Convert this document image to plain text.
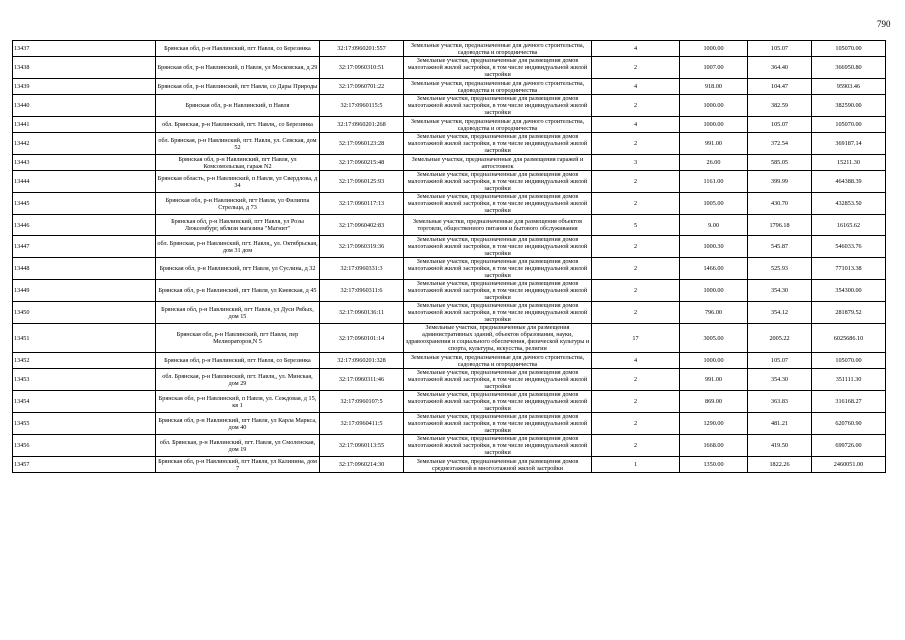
790
13437	Брянская обл, р-н Навлинский, пгт Навля, со Березинка	32:17:0960201:557	Земельные участки, предназначенные для дачного строительства, садоводства и огородничества	4	1000.00	105.07	105070.00
13438	Брянская обл, р-н Навлинский, п Навля, ул Московская, д 29	32:17:0960310:51	Земельные участки, предназначенные для размещения домов малоэтажной жилой застройки, в том числе индивидуальной жилой застройки	2	1007.00	364.40	366950.80
13439	Брянская обл, р-н Навлинский, пгт Навля, со Дары Природы	32:17:0960701:22	Земельные участки, предназначенные для дачного строительства, садоводства и огородничества	4	918.00	104.47	95903.46
13440	Брянская обл, р-н Навлинский, п Навля	32:17:0960115:5	Земельные участки, предназначенные для размещения домов малоэтажной жилой застройки, в том числе индивидуальной жилой застройки	2	1000.00	382.59	382590.00
13441	обл. Брянская, р-н Навлинский, пгт. Навля,, со Березинка	32:17:0960201:268	Земельные участки, предназначенные для дачного строительства, садоводства и огородничества	4	1000.00	105.07	105070.00
13442	обл. Брянская, р-н Навлинский, пгт. Навля, ул. Севская, дом 52	32:17:0960123:28	Земельные участки, предназначенные для размещения домов малоэтажной жилой застройки, в том числе индивидуальной жилой застройки	2	991.00	372.54	369187.14
13443	Брянская обл, р-н Навлинский, пгт Навля, ул Комсомольская, гараж N2	32:17:0960215:48	Земельные участки, предназначенные для размещения гаражей и автостоянок	3	26.00	585.05	15211.30
13444	Брянская область, р-н Навлинский, п Навля, ул Свердлова, д 34	32:17:0960125:93	Земельные участки, предназначенные для размещения домов малоэтажной жилой застройки, в том числе индивидуальной жилой застройки	2	1161.00	399.99	464388.39
13445	Брянская обл, р-н Навлинский, пгт Навля, ул Филиппа Стрельца, д 73	32:17:0960117:13	Земельные участки, предназначенные для размещения домов малоэтажной жилой застройки, в том числе индивидуальной жилой застройки	2	1005.00	430.70	432853.50
13446	Брянская обл, р-н Навлинский, пгт Навля, ул Розы Люксембург, вблизи магазина "Магнит"	32:17:0960402:83	Земельные участки, предназначенные для размещения объектов торговли, общественного питания и бытового обслуживания	5	9.00	1796.18	16165.62
13447	обл. Брянская, р-н Навлинский, пгт. Навля,, ул. Октябрьская, дом 31 дом	32:17:0960319:36	Земельные участки, предназначенные для размещения домов малоэтажной жилой застройки, в том числе индивидуальной жилой застройки	2	1000.30	545.87	546033.76
13448	Брянская обл, р-н Навлинский, пгт Навля, ул Суслина, д 32	32:17:0960331:3	Земельные участки, предназначенные для размещения домов малоэтажной жилой застройки, в том числе индивидуальной жилой застройки	2	1466.00	525.93	771013.38
13449	Брянская обл, р-н Навлинский, пгт Навля, ул Киевская, д 45	32:17:0960311:6	Земельные участки, предназначенные для размещения домов малоэтажной жилой застройки, в том числе индивидуальной жилой застройки	2	1000.00	354.30	354300.00
13450	Брянская обл, р-н Навлинский, пгт Навля, ул Дуси Рябых, дом 15	32:17:0960136:11	Земельные участки, предназначенные для размещения домов малоэтажной жилой застройки, в том числе индивидуальной жилой застройки	2	796.00	354.12	281879.52
13451	Брянская обл, р-н Навлинский, пгт Навля, пер Мелиораторов,N 5	32:17:0960101:14	Земельные участки, предназначенные для размещения административных зданий, объектов образования, науки, здравоохранения и социального обеспечения, физической культуры и спорта, культуры, искусства, религии	17	3005.00	2005.22	6025686.10
13452	Брянская обл, р-н Навлинский, пгт Навля, со Березинка	32:17:0960201:328	Земельные участки, предназначенные для дачного строительства, садоводства и огородничества	4	1000.00	105.07	105070.00
13453	обл. Брянская, р-н Навлинский, пгт. Навля,, ул. Минская, дом 29	32:17:0960311:46	Земельные участки, предназначенные для размещения домов малоэтажной жилой застройки, в том числе индивидуальной жилой застройки	2	991.00	354.30	351111.30
13454	Брянская обл, р-н Навлинский, п Навля, ул. Сеждовая, д 15, кв 1	32:17:0960107:5	Земельные участки, предназначенные для размещения домов малоэтажной жилой застройки, в том числе индивидуальной жилой застройки	2	869.00	363.83	316168.27
13455	Брянская обл, р-н Навлинский, пгт Навля, ул Карла Маркса, дом 40	32:17:0960411:5	Земельные участки, предназначенные для размещения домов малоэтажной жилой застройки, в том числе индивидуальной жилой застройки	2	1290.00	481.21	620760.90
13456	обл. Брянская, р-н Навлинский, пгт. Навля, ул Смоленская, дом 19	32:17:0960113:55	Земельные участки, предназначенные для размещения домов малоэтажной жилой застройки, в том числе индивидуальной жилой застройки	2	1668.00	419.50	699726.00
13457	Брянская обл, р-н Навлинский, пгт Навля, ул Калинина, дом 7	32:17:0960214:30	Земельные участки, предназначенные для размещения домов среднеэтажной и многоэтажной жилой застройки	1	1350.00	1822.26	2460051.00
